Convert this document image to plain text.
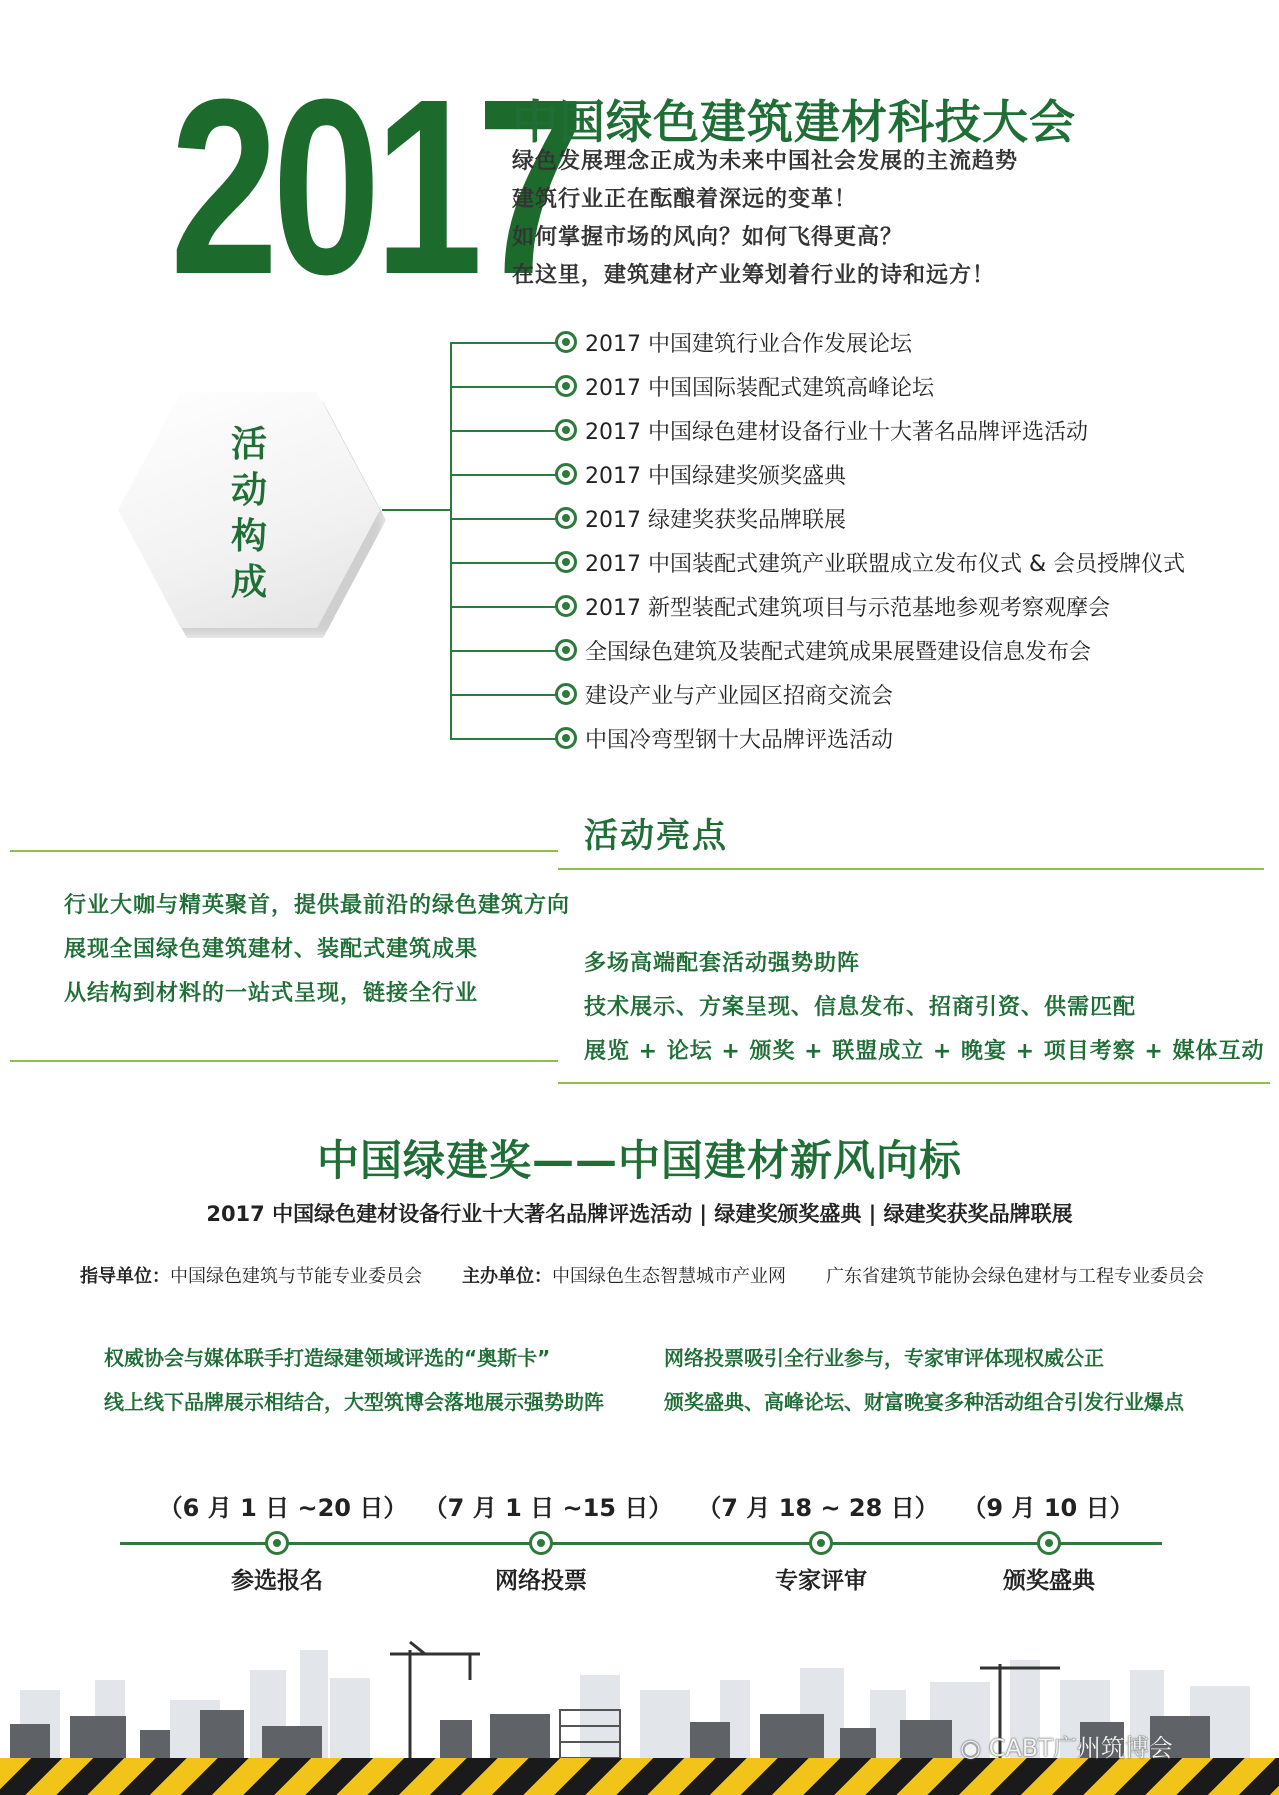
2017
中国绿色建筑建材科技大会
绿色发展理念正成为未来中国社会发展的主流趋势
建筑行业正在酝酿着深远的变革！
如何掌握市场的风向？如何飞得更高？
在这里，建筑建材产业筹划着行业的诗和远方！
活
动
构
成
2017 中国建筑行业合作发展论坛
2017 中国国际装配式建筑高峰论坛
2017 中国绿色建材设备行业十大著名品牌评选活动
2017 中国绿建奖颁奖盛典
2017 绿建奖获奖品牌联展
2017 中国装配式建筑产业联盟成立发布仪式 & 会员授牌仪式
2017 新型装配式建筑项目与示范基地参观考察观摩会
全国绿色建筑及装配式建筑成果展暨建设信息发布会
建设产业与产业园区招商交流会
中国冷弯型钢十大品牌评选活动
活动亮点
行业大咖与精英聚首，提供最前沿的绿色建筑方向
展现全国绿色建筑建材、装配式建筑成果
从结构到材料的一站式呈现，链接全行业
多场高端配套活动强势助阵
技术展示、方案呈现、信息发布、招商引资、供需匹配
展览 + 论坛 + 颁奖 + 联盟成立 + 晚宴 + 项目考察 + 媒体互动
中国绿建奖——中国建材新风向标
2017 中国绿色建材设备行业十大著名品牌评选活动 | 绿建奖颁奖盛典 | 绿建奖获奖品牌联展
指导单位：中国绿色建筑与节能专业委员会 主办单位：中国绿色生态智慧城市产业网 广东省建筑节能协会绿色建材与工程专业委员会
权威协会与媒体联手打造绿建领域评选的“奥斯卡”
线上线下品牌展示相结合，大型筑博会落地展示强势助阵
网络投票吸引全行业参与，专家审评体现权威公正
颁奖盛典、高峰论坛、财富晚宴多种活动组合引发行业爆点
（6 月 1 日 ~20 日） （7 月 1 日 ~15 日） （7 月 18 ~ 28 日） （9 月 10 日）
参选报名	网络投票	专家评审	颁奖盛典
◉ CABT广州筑博会
